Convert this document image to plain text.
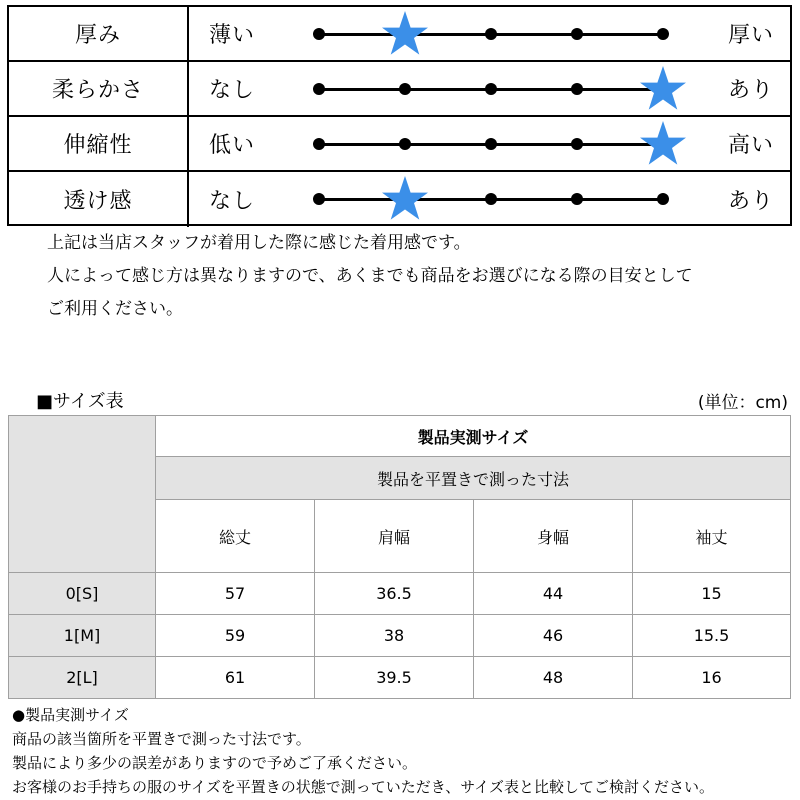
厚み	薄い	厚い
柔らかさ	なし	あり
伸縮性	低い	高い
透け感	なし	あり
上記は当店スタッフが着用した際に感じた着用感です。
人によって感じ方は異なりますので、あくまでも商品をお選びになる際の目安として
ご利用ください。
■サイズ表	(単位：cm)
製品実測サイズ
製品を平置きで測った寸法
総丈	肩幅	身幅	袖丈
0[S]	57	36.5	44	15
1[M]	59	38	46	15.5
2[L]	61	39.5	48	16
●製品実測サイズ
商品の該当箇所を平置きで測った寸法です。
製品により多少の誤差がありますので予めご了承ください。
お客様のお手持ちの服のサイズを平置きの状態で測っていただき、サイズ表と比較してご検討ください。
